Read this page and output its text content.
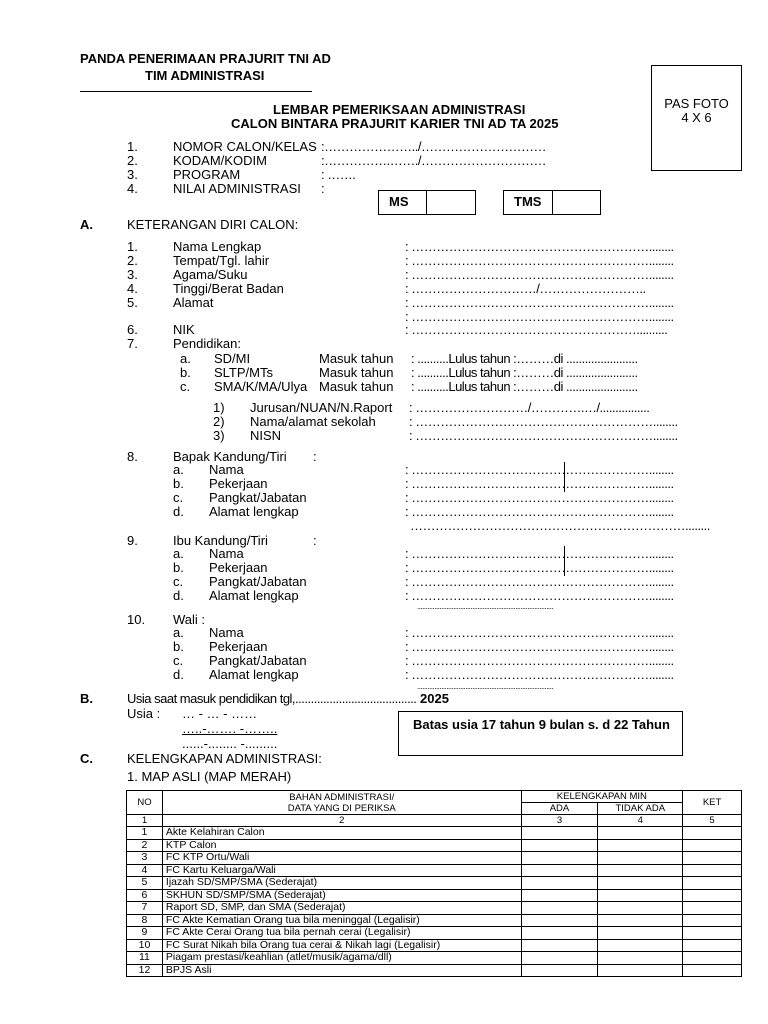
PANDA PENERIMAAN PRAJURIT TNI AD
TIM ADMINISTRASI
PAS FOTO
4 X 6
LEMBAR PEMERIKSAAN ADMINISTRASI
CALON BINTARA PRAJURIT KARIER TNI AD TA 2025
1.	NOMOR CALON/KELAS :…………………../…………………………
2.	KODAM/KODIM	:…………….……./…………………………
3.	PROGRAM	: …….
4.	NILAI ADMINISTRASI :
MS	TMS
A.	KETERANGAN DIRI CALON:
1.	Nama Lengkap	: …………………………………………………........
2.	Tempat/Tgl. lahir	: …………………………………………………........
3.	Agama/Suku	: …………………………………………………........
4.	Tinggi/Berat Badan	: …………………………/……………………..
5.	Alamat	: …………………………………………………........
: …………………………………………………........
6.	NIK	: ………………………………………………..........
7.	Pendidikan:
a. SD/MI	Masuk tahun : ..........Lulus tahun :………di .......................
b. SLTP/MTs	Masuk tahun : ..........Lulus tahun :………di .......................
c. SMA/K/MA/Ulya Masuk tahun : ..........Lulus tahun :………di .......................
1) Jurusan/NUAN/N.Raport : ………………………/………….…/................
2) Nama/alamat sekolah	: …………………………………………………........
3) NISN	: …………………………………………………........
8.	Bapak Kandung/Tiri :
a. Nama	: …………………………………………………........
b. Pekerjaan	: …………………………………………………........
c. Pangkat/Jabatan	: …………………………………………………........
d. Alamat lengkap	: …………………………………………………........
…………………………………………………………........
9.	Ibu Kandung/Tiri	:
a. Nama	: …………………………………………………........
b. Pekerjaan	: …………………………………………………........
c. Pangkat/Jabatan	: …………………………………………………........
d. Alamat lengkap	: …………………………………………………........
...............................................................................
10. Wali :
a. Nama	: …………………………………………………........
b. Pekerjaan	: …………………………………………………........
c. Pangkat/Jabatan	: …………………………………………………........
d. Alamat lengkap	: …………………………………………………........
...............................................................................
B.	Usia saat masuk pendidikan tgl,....................................... 2025
Usia : … - … - ……
…..-……. -……..
......-........ -.........
Batas usia 17 tahun 9 bulan s. d 22 Tahun
C.	KELENGKAPAN ADMINISTRASI:
1. MAP ASLI (MAP MERAH)
NO	BAHAN ADMINISTRASI/
DATA YANG DI PERIKSA	KELENGKAPAN MIN		KET
		ADA	TIDAK ADA	
1	2	3	4	5
1	Akte Kelahiran Calon			
2	KTP Calon			
3	FC KTP Ortu/Wali			
4	FC Kartu Keluarga/Wali			
5	Ijazah SD/SMP/SMA (Sederajat)			
6	SKHUN SD/SMP/SMA (Sederajat)			
7	Raport SD, SMP, dan SMA (Sederajat)			
8	FC Akte Kematian Orang tua bila meninggal (Legalisir)			
9	FC Akte Cerai Orang tua bila pernah cerai (Legalisir)			
10	FC Surat Nikah bila Orang tua cerai & Nikah lagi (Legalisir)			
11	Piagam prestasi/keahlian (atlet/musik/agama/dll)			
12	BPJS Asli			
